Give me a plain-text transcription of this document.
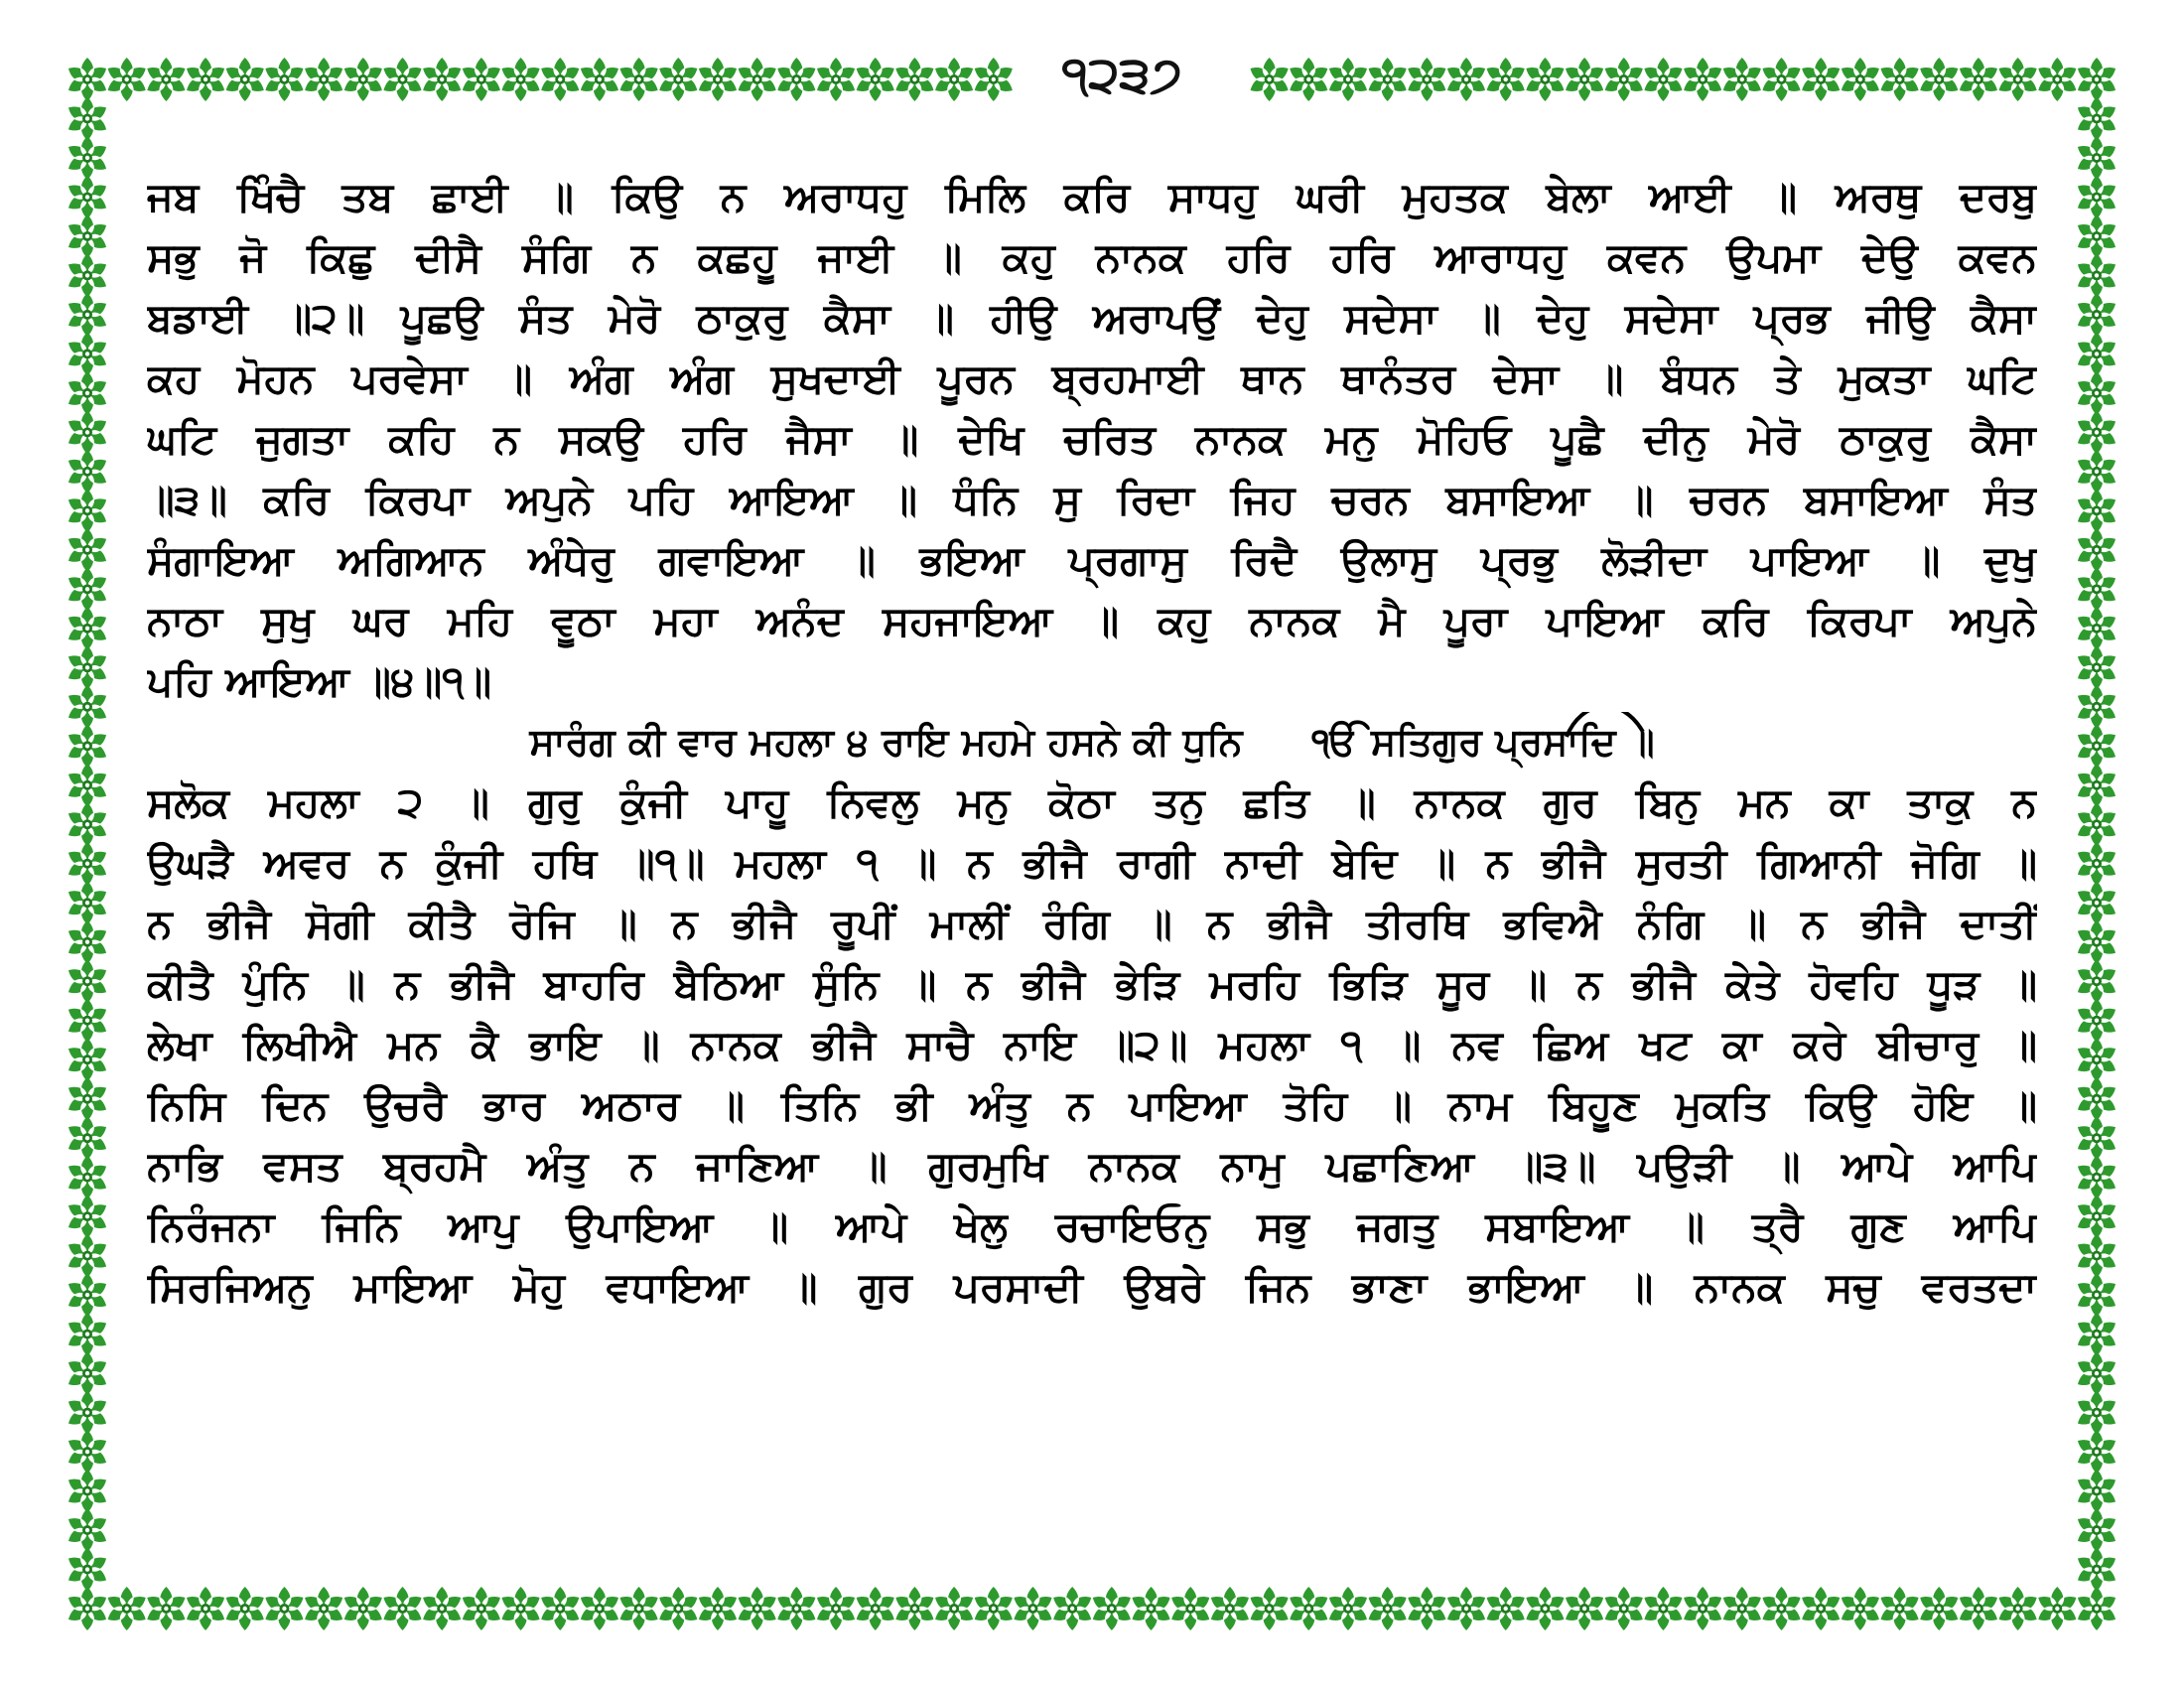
੧੨੩੭
ਜਬ ਖਿੰਚੈ ਤਬ ਛਾਈ ॥ ਕਿਉ ਨ ਅਰਾਧਹੁ ਮਿਲਿ ਕਰਿ ਸਾਧਹੁ ਘਰੀ ਮੁਹਤਕ ਬੇਲਾ ਆਈ ॥ ਅਰਥੁ ਦਰਬੁ
ਸਭੁ ਜੋ ਕਿਛੁ ਦੀਸੈ ਸੰਗਿ ਨ ਕਛਹੂ ਜਾਈ ॥ ਕਹੁ ਨਾਨਕ ਹਰਿ ਹਰਿ ਆਰਾਧਹੁ ਕਵਨ ਉਪਮਾ ਦੇਉ ਕਵਨ
ਬਡਾਈ ॥੨॥ ਪੂਛਉ ਸੰਤ ਮੇਰੋ ਠਾਕੁਰੁ ਕੈਸਾ ॥ ਹੀਉ ਅਰਾਪਉਂ ਦੇਹੁ ਸਦੇਸਾ ॥ ਦੇਹੁ ਸਦੇਸਾ ਪ੍ਰਭ ਜੀਉ ਕੈਸਾ
ਕਹ ਮੋਹਨ ਪਰਵੇਸਾ ॥ ਅੰਗ ਅੰਗ ਸੁਖਦਾਈ ਪੂਰਨ ਬ੍ਰਹਮਾਈ ਥਾਨ ਥਾਨੰਤਰ ਦੇਸਾ ॥ ਬੰਧਨ ਤੇ ਮੁਕਤਾ ਘਟਿ
ਘਟਿ ਜੁਗਤਾ ਕਹਿ ਨ ਸਕਉ ਹਰਿ ਜੈਸਾ ॥ ਦੇਖਿ ਚਰਿਤ ਨਾਨਕ ਮਨੁ ਮੋਹਿਓ ਪੂਛੈ ਦੀਨੁ ਮੇਰੋ ਠਾਕੁਰੁ ਕੈਸਾ
॥੩॥ ਕਰਿ ਕਿਰਪਾ ਅਪੁਨੇ ਪਹਿ ਆਇਆ ॥ ਧੰਨਿ ਸੁ ਰਿਦਾ ਜਿਹ ਚਰਨ ਬਸਾਇਆ ॥ ਚਰਨ ਬਸਾਇਆ ਸੰਤ
ਸੰਗਾਇਆ ਅਗਿਆਨ ਅੰਧੇਰੁ ਗਵਾਇਆ ॥ ਭਇਆ ਪ੍ਰਗਾਸੁ ਰਿਦੈ ਉਲਾਸੁ ਪ੍ਰਭੁ ਲੋੜੀਦਾ ਪਾਇਆ ॥ ਦੁਖੁ
ਨਾਠਾ ਸੁਖੁ ਘਰ ਮਹਿ ਵੂਠਾ ਮਹਾ ਅਨੰਦ ਸਹਜਾਇਆ ॥ ਕਹੁ ਨਾਨਕ ਮੈ ਪੂਰਾ ਪਾਇਆ ਕਰਿ ਕਿਰਪਾ ਅਪੁਨੇ
ਪਹਿ ਆਇਆ ॥੪॥੧॥
ਸਾਰੰਗ ਕੀ ਵਾਰ ਮਹਲਾ ੪ ਰਾਇ ਮਹਮੇ ਹਸਨੇ ਕੀ ਧੁਨਿ ੴ ਸਤਿਗੁਰ ਪ੍ਰਸਾਦਿ ॥
ਸਲੋਕ ਮਹਲਾ ੨ ॥ ਗੁਰੁ ਕੁੰਜੀ ਪਾਹੂ ਨਿਵਲੁ ਮਨੁ ਕੋਠਾ ਤਨੁ ਛਤਿ ॥ ਨਾਨਕ ਗੁਰ ਬਿਨੁ ਮਨ ਕਾ ਤਾਕੁ ਨ
ਉਘੜੈ ਅਵਰ ਨ ਕੁੰਜੀ ਹਥਿ ॥੧॥ ਮਹਲਾ ੧ ॥ ਨ ਭੀਜੈ ਰਾਗੀ ਨਾਦੀ ਬੇਦਿ ॥ ਨ ਭੀਜੈ ਸੁਰਤੀ ਗਿਆਨੀ ਜੋਗਿ ॥
ਨ ਭੀਜੈ ਸੋਗੀ ਕੀਤੈ ਰੋਜਿ ॥ ਨ ਭੀਜੈ ਰੂਪੀਂ ਮਾਲੀਂ ਰੰਗਿ ॥ ਨ ਭੀਜੈ ਤੀਰਥਿ ਭਵਿਐ ਨੰਗਿ ॥ ਨ ਭੀਜੈ ਦਾਤੀਂ
ਕੀਤੈ ਪੁੰਨਿ ॥ ਨ ਭੀਜੈ ਬਾਹਰਿ ਬੈਠਿਆ ਸੁੰਨਿ ॥ ਨ ਭੀਜੈ ਭੇੜਿ ਮਰਹਿ ਭਿੜਿ ਸੂਰ ॥ ਨ ਭੀਜੈ ਕੇਤੇ ਹੋਵਹਿ ਧੂੜ ॥
ਲੇਖਾ ਲਿਖੀਐ ਮਨ ਕੈ ਭਾਇ ॥ ਨਾਨਕ ਭੀਜੈ ਸਾਚੈ ਨਾਇ ॥੨॥ ਮਹਲਾ ੧ ॥ ਨਵ ਛਿਅ ਖਟ ਕਾ ਕਰੇ ਬੀਚਾਰੁ ॥
ਨਿਸਿ ਦਿਨ ਉਚਰੈ ਭਾਰ ਅਠਾਰ ॥ ਤਿਨਿ ਭੀ ਅੰਤੁ ਨ ਪਾਇਆ ਤੋਹਿ ॥ ਨਾਮ ਬਿਹੂਣ ਮੁਕਤਿ ਕਿਉ ਹੋਇ ॥
ਨਾਭਿ ਵਸਤ ਬ੍ਰਹਮੈ ਅੰਤੁ ਨ ਜਾਣਿਆ ॥ ਗੁਰਮੁਖਿ ਨਾਨਕ ਨਾਮੁ ਪਛਾਣਿਆ ॥੩॥ ਪਉੜੀ ॥ ਆਪੇ ਆਪਿ
ਨਿਰੰਜਨਾ ਜਿਨਿ ਆਪੁ ਉਪਾਇਆ ॥ ਆਪੇ ਖੇਲੁ ਰਚਾਇਓਨੁ ਸਭੁ ਜਗਤੁ ਸਬਾਇਆ ॥ ਤ੍ਰੈ ਗੁਣ ਆਪਿ
ਸਿਰਜਿਅਨੁ ਮਾਇਆ ਮੋਹੁ ਵਧਾਇਆ ॥ ਗੁਰ ਪਰਸਾਦੀ ਉਬਰੇ ਜਿਨ ਭਾਣਾ ਭਾਇਆ ॥ ਨਾਨਕ ਸਚੁ ਵਰਤਦਾ
